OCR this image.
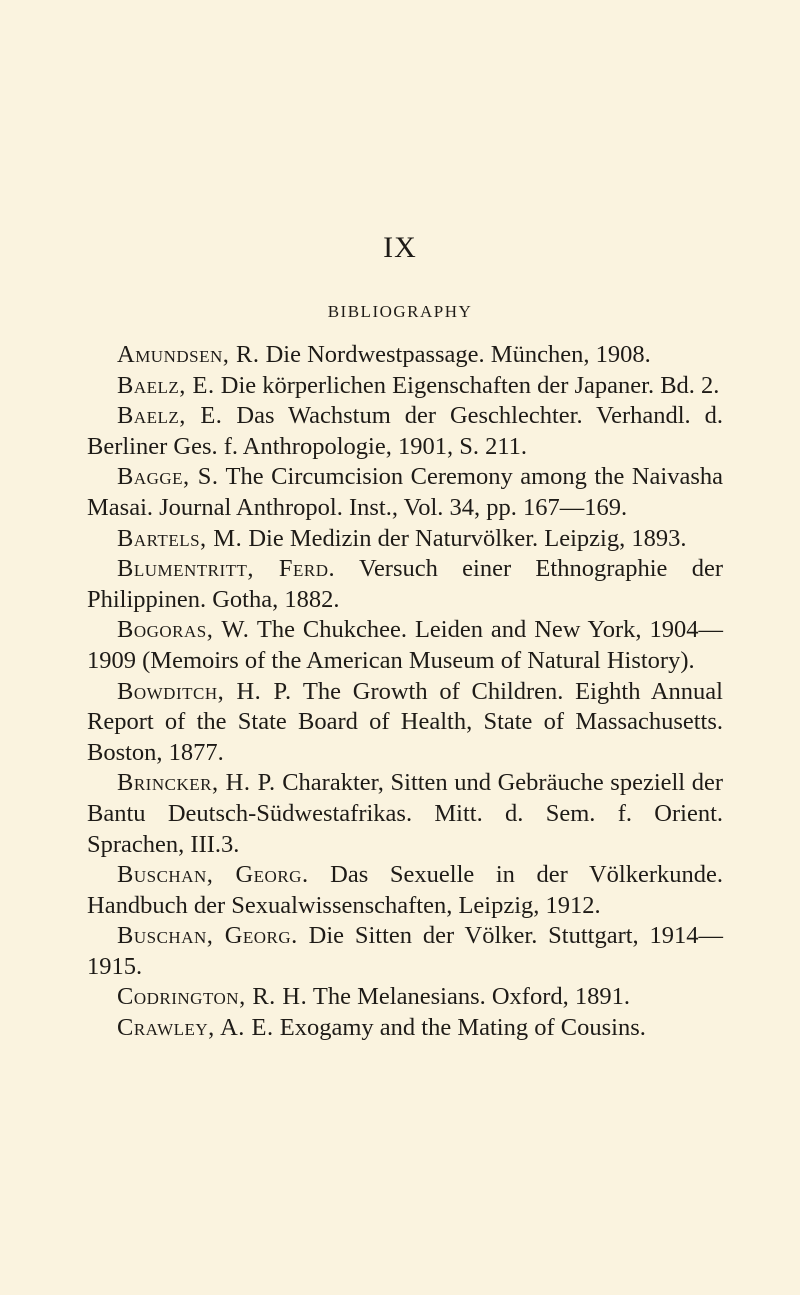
IX
BIBLIOGRAPHY

Amundsen, R. Die Nordwestpassage. München, 1908.

Baelz, E. Die körperlichen Eigenschaften der Japaner. Bd. 2.

Baelz, E. Das Wachstum der Geschlechter. Verhandl. d. Berliner Ges. f. Anthropologie, 1901, S. 211.

Bagge, S. The Circumcision Ceremony among the Naivasha Masai. Journal Anthropol. Inst., Vol. 34, pp. 167—169.

Bartels, M. Die Medizin der Naturvölker. Leipzig, 1893.

Blumentritt, Ferd. Versuch einer Ethnographie der Philippinen. Gotha, 1882.

Bogoras, W. The Chukchee. Leiden and New York, 1904—1909 (Memoirs of the American Museum of Natural History).

Bowditch, H. P. The Growth of Children. Eighth Annual Report of the State Board of Health, State of Massachusetts. Boston, 1877.

Brincker, H. P. Charakter, Sitten und Gebräuche speziell der Bantu Deutsch-Südwestafrikas. Mitt. d. Sem. f. Orient. Sprachen, III.3.

Buschan, Georg. Das Sexuelle in der Völkerkunde. Handbuch der Sexualwissenschaften, Leipzig, 1912.

Buschan, Georg. Die Sitten der Völker. Stuttgart, 1914—1915.

Codrington, R. H. The Melanesians. Oxford, 1891.

Crawley, A. E. Exogamy and the Mating of Cousins.
